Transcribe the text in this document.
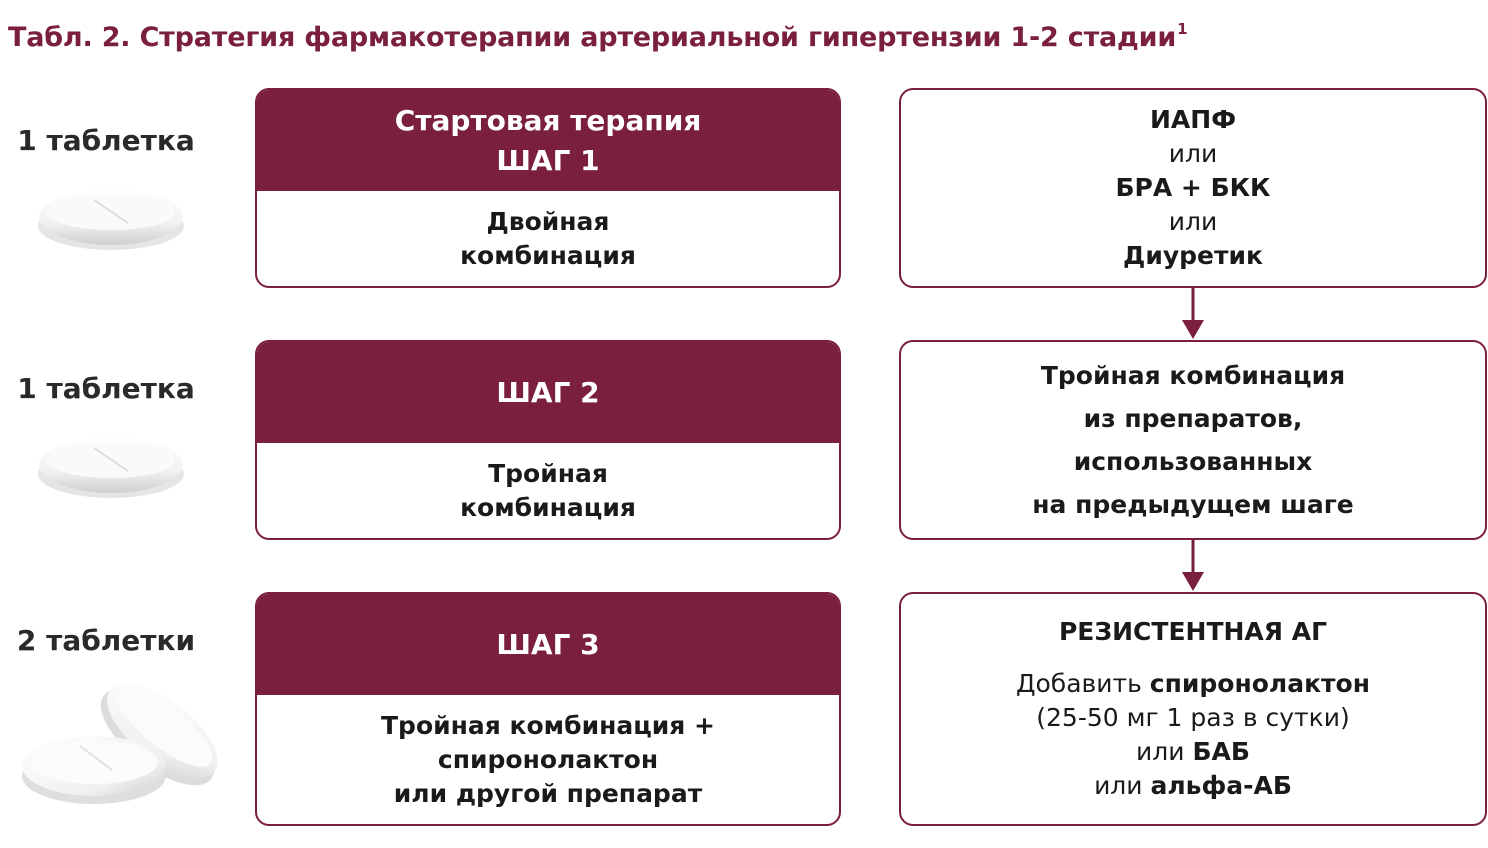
Табл. 2. Стратегия фармакотерапии артериальной гипертензии 1-2 стадии$^1$
1 таблетка
Стартовая терапия
ШАГ 1
Двойная
комбинация
ИАПФ
или
БРА + БКК
или
Диуретик
1 таблетка	ШАГ 2
Тройная
комбинация
Тройная комбинация
из препаратов,
использованных
на предыдущем шаге
2 таблетки	ШАГ 3
Тройная комбинация +
спиронолактон
или другой препарат
РЕЗИСТЕНТНАЯ АГ
Добавить спиронолактон
(25-50 мг 1 раз в сутки)
или БАБ
или альфа-АБ
